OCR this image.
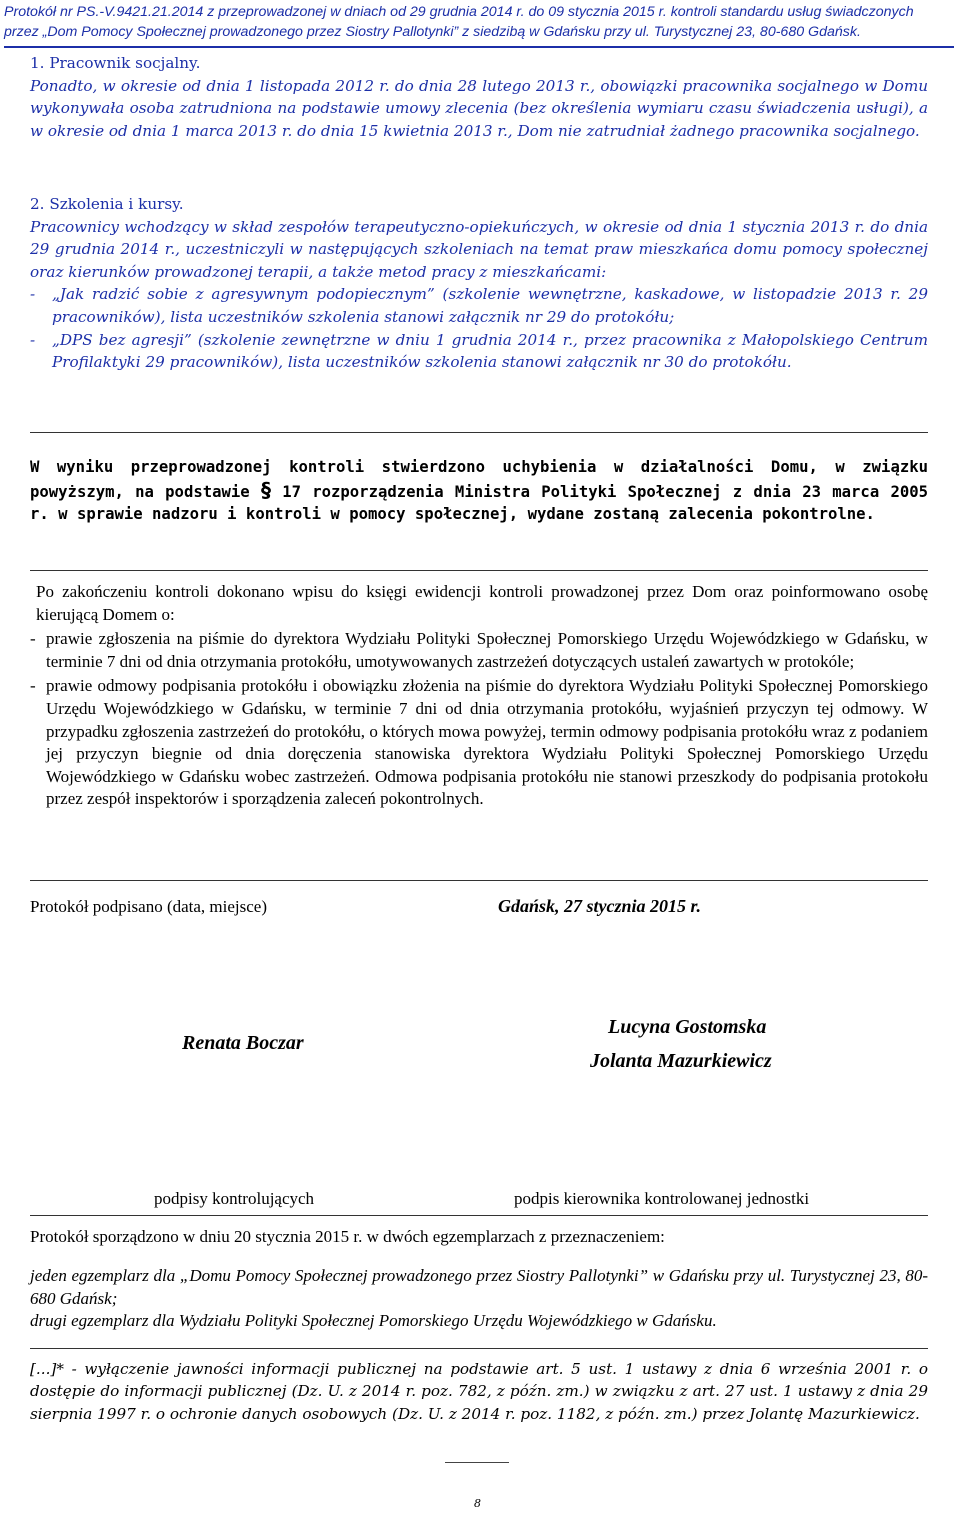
Protokół nr PS.-V.9421.21.2014 z przeprowadzonej w dniach od 29 grudnia 2014 r. do 09 stycznia 2015 r. kontroli standardu usług świadczonych
przez „Dom Pomocy Społecznej prowadzonego przez Siostry Pallotynki” z siedzibą w Gdańsku przy ul. Turystycznej 23, 80-680 Gdańsk.
1. Pracownik socjalny.
Ponadto, w okresie od dnia 1 listopada 2012 r. do dnia 28 lutego 2013 r., obowiązki pracownika socjalnego w Domu wykonywała osoba zatrudniona na podstawie umowy zlecenia (bez określenia wymiaru czasu świadczenia usługi), a w okresie od dnia 1 marca 2013 r. do dnia 15 kwietnia 2013 r., Dom nie zatrudniał żadnego pracownika socjalnego.
2. Szkolenia i kursy.
Pracownicy wchodzący w skład zespołów terapeutyczno-opiekuńczych, w okresie od dnia 1 stycznia 2013 r. do dnia 29 grudnia 2014 r., uczestniczyli w następujących szkoleniach na temat praw mieszkańca domu pomocy społecznej oraz kierunków prowadzonej terapii, a także metod pracy z mieszkańcami:
-	„Jak radzić sobie z agresywnym podopiecznym” (szkolenie wewnętrzne, kaskadowe, w listopadzie 2013 r. 29 pracowników), lista uczestników szkolenia stanowi załącznik nr 29 do protokółu;
-	„DPS bez agresji” (szkolenie zewnętrzne w dniu 1 grudnia 2014 r., przez pracownika z Małopolskiego Centrum Profilaktyki 29 pracowników), lista uczestników szkolenia stanowi załącznik nr 30 do protokółu.
W wyniku przeprowadzonej kontroli stwierdzono uchybienia w działalności Domu, w związku powyższym, na podstawie § 17 rozporządzenia Ministra Polityki Społecznej z dnia 23 marca 2005 r. w sprawie nadzoru i kontroli w pomocy społecznej, wydane zostaną zalecenia pokontrolne.
Po zakończeniu kontroli dokonano wpisu do księgi ewidencji kontroli prowadzonej przez Dom oraz poinformowano osobę kierującą Domem o:
- prawie zgłoszenia na piśmie do dyrektora Wydziału Polityki Społecznej Pomorskiego Urzędu Wojewódzkiego w Gdańsku, w terminie 7 dni od dnia otrzymania protokółu, umotywowanych zastrzeżeń dotyczących ustaleń zawartych w protokóle;
- prawie odmowy podpisania protokółu i obowiązku złożenia na piśmie do dyrektora Wydziału Polityki Społecznej Pomorskiego Urzędu Wojewódzkiego w Gdańsku, w terminie 7 dni od dnia otrzymania protokółu, wyjaśnień przyczyn tej odmowy. W przypadku zgłoszenia zastrzeżeń do protokółu, o których mowa powyżej, termin odmowy podpisania protokółu wraz z podaniem jej przyczyn biegnie od dnia doręczenia stanowiska dyrektora Wydziału Polityki Społecznej Pomorskiego Urzędu Wojewódzkiego w Gdańsku wobec zastrzeżeń. Odmowa podpisania protokółu nie stanowi przeszkody do podpisania protokołu przez zespół inspektorów i sporządzenia zaleceń pokontrolnych.
Protokół podpisano (data, miejsce)	Gdańsk, 27 stycznia 2015 r.
Renata Boczar
Lucyna Gostomska
Jolanta Mazurkiewicz
podpisy kontrolujących	podpis kierownika kontrolowanej jednostki
Protokół sporządzono w dniu 20 stycznia 2015 r. w dwóch egzemplarzach z przeznaczeniem:
jeden egzemplarz dla „Domu Pomocy Społecznej prowadzonego przez Siostry Pallotynki” w Gdańsku przy ul. Turystycznej 23, 80-680 Gdańsk;
drugi egzemplarz dla Wydziału Polityki Społecznej Pomorskiego Urzędu Wojewódzkiego w Gdańsku.
[...]* - wyłączenie jawności informacji publicznej na podstawie art. 5 ust. 1 ustawy z dnia 6 września 2001 r. o dostępie do informacji publicznej (Dz. U. z 2014 r. poz. 782, z późn. zm.) w związku z art. 27 ust. 1 ustawy z dnia 29 sierpnia 1997 r. o ochronie danych osobowych (Dz. U. z 2014 r. poz. 1182, z późn. zm.) przez Jolantę Mazurkiewicz.
8
